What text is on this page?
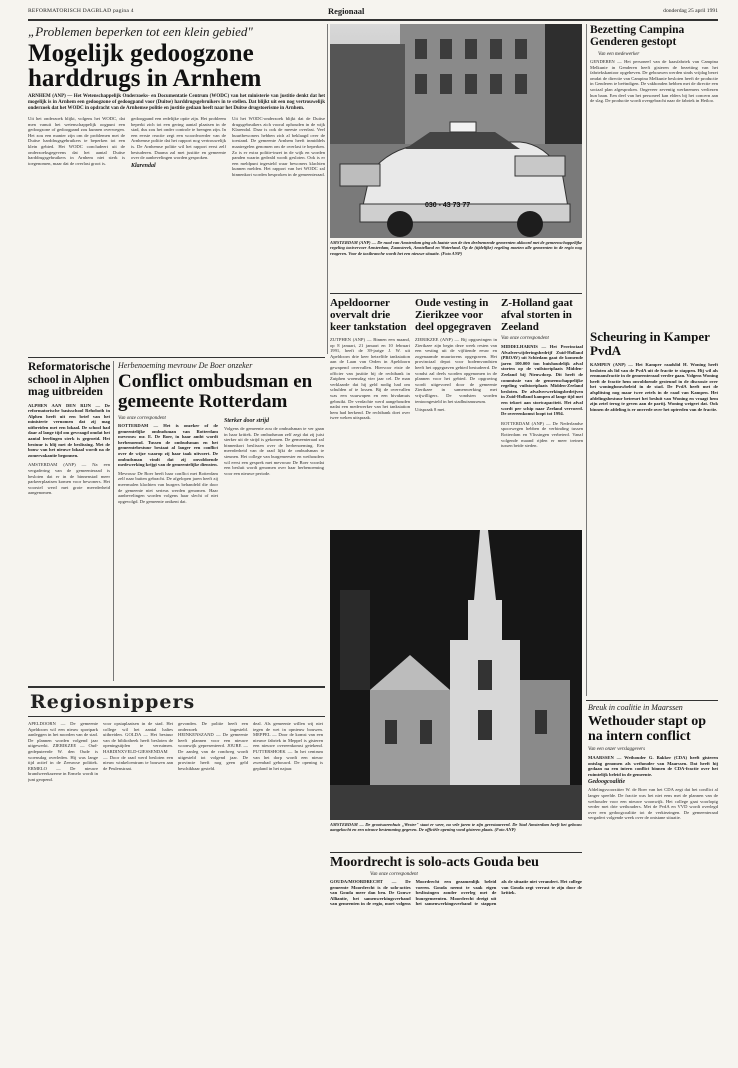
REFORMATORISCH DAGBLAD pagina 4	Regionaal	donderdag 25 april 1991
„Problemen beperken tot een klein gebied"
Mogelijk gedoogzone harddrugs in Arnhem
ARNHEM (ANP) — Het Wetenschappelijk Onderzoeks- en Documentatie Centrum (WODC) van het ministerie van justitie denkt dat het mogelijk is in Arnhem een gedoogzone of gedoogpand voor (Duitse) harddrugsgebruikers in te stellen. Dat blijkt uit een nog vertrouwelijk onderzoek dat het WODC in opdracht van de Arnhemse politie en justitie gedaan heeft naar het Duitse drugstoerisme in Arnhem.
Uit het onderzoek blijkt, volgens het WODC, dat men vanuit het wetenschappelijk oogpunt een gedoogzone of gedoogpand zou kunnen overwegen. Het zou een manier zijn om de problemen met de Duitse harddrugsgebruikers te beperken tot een klein gebied. Het WODC concludeert uit de onderzoeksgegevens dat het aantal Duitse harddrugsgebruikers in Arnhem niet sterk is toegenomen, maar dat de overlast groot is.
gedoogpand een redelijke optie zijn. Het probleem beperkt zich tot een gering aantal plaatsen in de stad, dus zou het onder controle te brengen zijn. In een eerste reactie zegt een woordvoerder van de Arnhemse politie dat het rapport nog vertrouwelijk is. De Arnhemse politie wil het rapport eerst zelf bestuderen. Daarna zal met justitie en gemeente over de aanbevelingen worden gesproken.
Klarendal
Uit het WODC-onderzoek blijkt dat de Duitse drugsgebruikers zich vooral ophouden in de wijk Klarendal. Daar is ook de meeste overlast. Veel buurtbewoners hebben zich al beklaagd over de toestand. De gemeente Arnhem heeft inmiddels maatregelen genomen om de overlast te beperken. Zo is er extra politie-inzet in de wijk en worden panden waarin gedeald wordt gesloten. Ook is er een meldpunt ingesteld waar bewoners klachten kunnen melden. Het rapport van het WODC zal binnenkort worden besproken in de gemeenteraad.
030 - 43 73 77
AMSTERDAM (ANP) — De raad van Amsterdam ging als laatste van de tien deelnemende gemeenten akkoord met de gemeenschappelijke regeling taxivervoer Amsterdam, Zaanstreek, Amstelland en Waterland. Op de (tijdelijke) regeling moeten alle gemeenten in de regio nog reageren. Voor de taxibranche wordt het een nieuwe situatie. (Foto ANP)
Bezetting Campina Genderen gestopt
Van een medewerker
GENDEREN — Het personeel van de kaasfabriek van Campina Melkunie in Genderen heeft gisteren de bezetting van het fabriekskantoor opgeheven. De gebouwen werden sinds vrijdag bezet omdat de directie van Campina Melkunie besloten heeft de productie in Genderen te beëindigen. De vakbonden hebben met de directie een sociaal plan afgesproken. Ongeveer zeventig werknemers verliezen hun baan. Een deel van het personeel kan elders bij het concern aan de slag. De productie wordt overgebracht naar de fabriek in Heiloo.
Apeldoorner overvalt drie keer tankstation
ZUTPHEN (ANP) — Binnen een maand, op 8 januari, 21 januari en 10 februari 1991, heeft de 39-jarige J. W. uit Apeldoorn drie keer hetzelfde tankstation aan de Laan van Orden in Apeldoorn gewapend overvallen. Hiervoor eiste de officier van justitie bij de rechtbank in Zutphen woensdag vier jaar cel. De man verklaarde dat hij geld nodig had om schulden af te lossen. Bij de overvallen was een vuurwapen en een bivakmuts gebruikt. De verdachte werd aangehouden nadat een medewerker van het tankstation hem had herkend. De rechtbank doet over twee weken uitspraak.
Oude vesting in Zierikzee voor deel opgegraven
ZIERIKZEE (ANP) — Bij opgravingen in Zierikzee zijn begin deze week resten van een vesting uit de vijftiende eeuw en zogenaamde muurtorens opgegraven. Het provinciaal depot voor bodemvondsten heeft het opgegraven gebied bestudeerd. De vondst zal deels worden opgenomen in de plannen voor het gebied. De opgraving wordt uitgevoerd door de gemeente Zierikzee in samenwerking met vrijwilligers. De vondsten worden tentoongesteld in het stadhuismuseum.
Uitspraak 8 mei.
Z-Holland gaat afval storten in Zeeland
Van onze correspondent
MIDDELHARNIS — Het Provinciaal Afvalverwijderingsbedrijf Zuid-Holland (PROAV) uit Schiedam gaat de komende jaren 100.000 ton huishoudelijk afval storten op de vuilstortplaats Midden-Zeeland bij Nieuwdorp. Dit heeft de commissie van de gemeenschappelijke regeling vuilstortplaats Midden-Zeeland besloten. De afvalverwerkingsbedrijven in Zuid-Holland kampen al lange tijd met een tekort aan stortcapaciteit. Het afval wordt per schip naar Zeeland vervoerd. De overeenkomst loopt tot 1994.
ROTTERDAM (ANP) — De Nederlandse spoorwegen hebben de verbinding tussen Rotterdam en Vlissingen verbeterd. Vanaf volgende maand rijden er meer treinen tussen beide steden.
Scheuring in Kamper PvdA
KAMPEN (ANP) — Het Kamper raadslid H. Woning heeft besloten als lid van de PvdA uit de fractie te stappen. Hij wil als eenmansfractie in de gemeenteraad verder gaan. Volgens Woning heeft de fractie hem onvoldoende gesteund in de discussie over het woningbouwbeleid in de stad. De PvdA heeft met de afsplitsing nog maar twee zetels in de raad van Kampen. Het afdelingsbestuur betreurt het besluit van Woning en vraagt hem zijn zetel terug te geven aan de partij. Woning weigert dat. Ook binnen de afdeling is er onvrede over het optreden van de fractie.
Reformatorische school in Alphen mag uitbreiden
ALPHEN AAN DEN RIJN — De reformatorische basisschool Rehoboth in Alphen heeft uit een brief van het ministerie vernomen dat zij mag uitbreiden met een lokaal. De school had daar al lange tijd om gevraagd omdat het aantal leerlingen sterk is gegroeid. Het bestuur is blij met de beslissing. Met de bouw van het nieuwe lokaal wordt na de zomervakantie begonnen.
AMSTERDAM (ANP) — Na een vergadering van de gemeenteraad is besloten dat er in de binnenstad meer parkeerplaatsen komen voor bewoners. Het voorstel werd met grote meerderheid aangenomen.
Herbenoeming mevrouw De Boer onzeker
Conflict ombudsman en gemeente Rotterdam
Van onze correspondent
ROTTERDAM — Het is onzeker of de gemeentelijke ombudsman van Rotterdam mevrouw mr. E. De Boer, in haar ambt wordt herbenoemd. Tussen de ombudsman en het gemeentebestuur bestaat al langer een conflict over de wijze waarop zij haar taak uitvoert. De ombudsman vindt dat zij onvoldoende medewerking krijgt van de gemeentelijke diensten.
Mevrouw De Boer heeft haar conflict met Rotterdam zelf naar buiten gebracht. De afgelopen jaren heeft zij meermalen klachten van burgers behandeld die door de gemeente niet serieus werden genomen. Haar aanbevelingen worden volgens haar slecht of niet opgevolgd. De gemeente ontkent dat.
Sterker door strijd
Volgens de gemeente zou de ombudsman te ver gaan in haar kritiek. De ombudsman zelf zegt dat zij juist sterker uit de strijd is gekomen. De gemeenteraad zal binnenkort beslissen over de herbenoeming. Een meerderheid van de raad lijkt de ombudsman te steunen. Het college van burgemeester en wethouders wil eerst een gesprek met mevrouw De Boer voordat een besluit wordt genomen over haar herbenoeming voor een nieuwe periode.
AMSTERDAM — De grootwarenhuis „Wester" staat er weer, na vele jaren te zijn gerestaureerd. De Stad Amsterdam heeft het gebouw aangekocht en een nieuwe bestemming gegeven. De officiële opening vond gisteren plaats. (Foto ANP)
Regiosnippers
APELDOORN — De gemeente Apeldoorn wil een nieuw sportpark aanleggen in het noorden van de stad. De plannen worden volgend jaar uitgewerkt. ZIERIKZEE — Oud-gedeputeerde W. den Oude is woensdag overleden. Hij was lange tijd actief in de Zeeuwse politiek. ERMELO — De nieuwe brandweerkazerne in Ermelo wordt in juni geopend.
voor opstaplaatsen in de stad. Het college wil het aantal haltes uitbreiden. GOLDA — Het bestuur van de bibliotheek heeft besloten de openingstijden te verruimen. HARDINXVELD-GIESSENDAM — Door de raad werd besloten een nieuw winkelcentrum te bouwen aan de Peulenstraat.
gevonden. De politie heeft een onderzoek ingesteld. HEINKENSZAND — De gemeente heeft plannen voor een nieuwe woonwijk gepresenteerd. JOURE — De aanleg van de rondweg wordt uitgesteld tot volgend jaar. De provincie heeft nog geen geld beschikbaar gesteld.
deal. Als gemeente willen wij niet tegen de wet in opnieuw bouwen. MEPPEL — Door de komst van een nieuwe fabriek in Meppel is gisteren een nieuwe overeenkomst getekend. PUTTERSHOEK — In het centrum van het dorp wordt een nieuw zwembad gebouwd. De opening is gepland in het najaar.
Moordrecht is solo-acts Gouda beu
Van onze correspondent
GOUDA/MOORDRECHT — De gemeente Moordrecht is de solo-acties van Gouda meer dan beu. De Gouwe Alliantie, het samenwerkingsverband van gemeenten in de regio, moet volgens Moordrecht een gezamenlijk beleid voeren. Gouda neemt te vaak eigen beslissingen zonder overleg met de buurgemeenten. Moordrecht dreigt uit het samenwerkingsverband te stappen als de situatie niet verandert. Het college van Gouda zegt verrast te zijn door de kritiek.
Breuk in coalitie in Maarssen
Wethouder stapt op na intern conflict
Van een onzer verslaggevers
MAARSSEN — Wethouder G. Bakker (CDA) heeft gisteren ontslag genomen als wethouder van Maarssen. Dat heeft hij gedaan na een intern conflict binnen de CDA-fractie over het ruimtelijk beleid in de gemeente.
Gedoogcoalitie
Afdelingsvoorzitter W. de Boer van het CDA zegt dat het conflict al langer speelde. De fractie was het niet eens met de plannen van de wethouder voor een nieuwe woonwijk. Het college gaat voorlopig verder met drie wethouders. Met de PvdA en VVD wordt overlegd over een gedoogcoalitie tot de verkiezingen. De gemeenteraad vergadert volgende week over de ontstane situatie.
